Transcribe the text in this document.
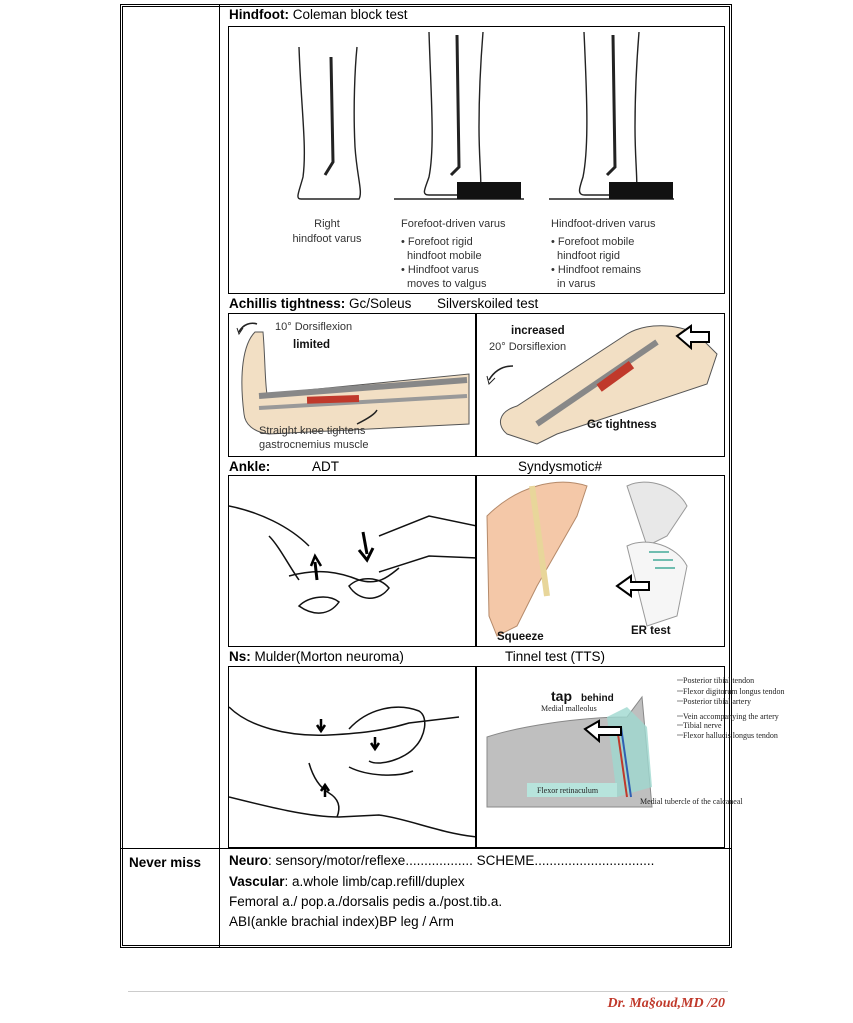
Hindfoot: Coleman block test
Right
hindfoot varus
Forefoot-driven varus
• Forefoot rigid
hindfoot mobile
• Hindfoot varus
moves to valgus
Hindfoot-driven varus
• Forefoot mobile
hindfoot rigid
• Hindfoot remains
in varus
Achillis tightness: Gc/Soleus Silverskoiled test
10° Dorsiflexion
limited
Straight knee tightens
gastrocnemius muscle
increased
20° Dorsiflexion
Gc tightness
Ankle:	ADT	Syndysmotic#
Squeeze	ER test
Ns: Mulder(Morton neuroma)	Tinnel test (TTS)
tap behind
Medial malleolus
Flexor retinaculum
Posterior tibial tendon
Flexor digitorum longus tendon
Posterior tibial artery
Vein accompanying the artery
Tibial nerve
Flexor hallucis longus tendon
Medial tubercle of the calcaneal
Never miss Neuro: sensory/motor/reflexe.................. SCHEME................................
Vascular: a.whole limb/cap.refill/duplex
Femoral a./ pop.a./dorsalis pedis a./post.tib.a.
ABI(ankle brachial index)BP leg / Arm
Dr. Ma§oud,MD /20
